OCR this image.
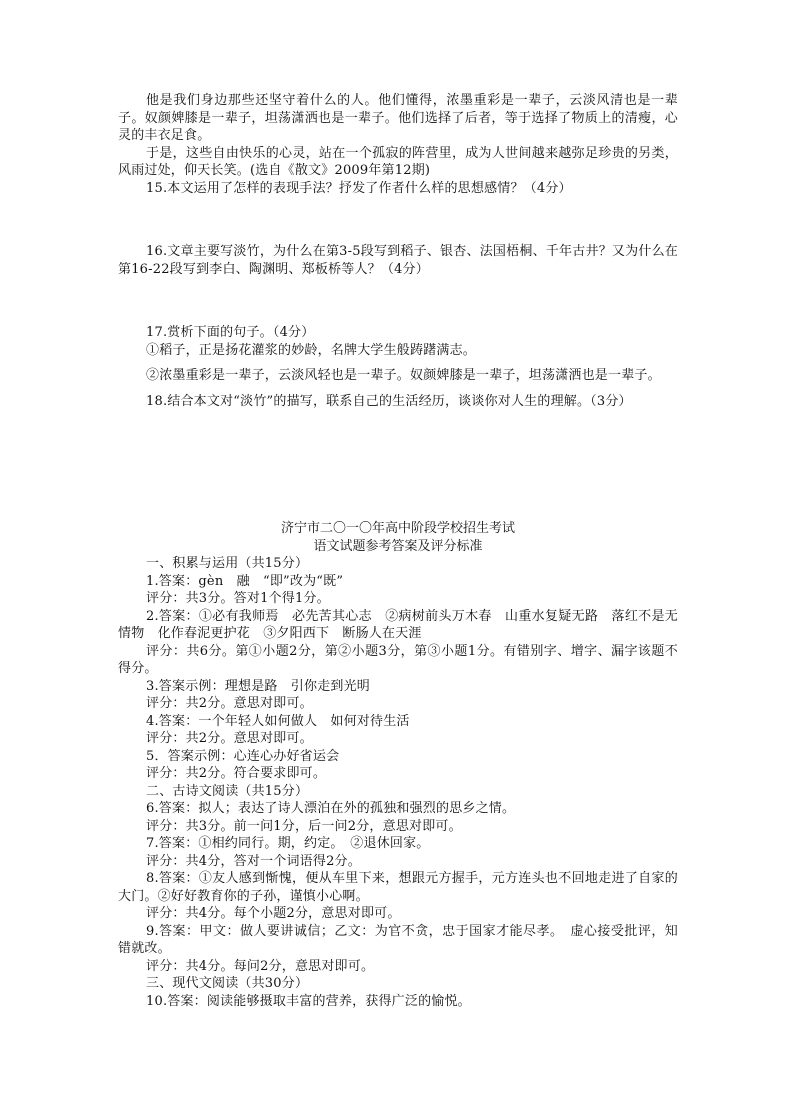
他是我们身边那些还坚守着什么的人。他们懂得，浓墨重彩是一辈子，云淡风清也是一辈子。奴颜婢膝是一辈子，坦荡潇洒也是一辈子。他们选择了后者，等于选择了物质上的清瘦，心灵的丰衣足食。

于是，这些自由快乐的心灵，站在一个孤寂的阵营里，成为人世间越来越弥足珍贵的另类，风雨过处，仰天长笑。(选自《散文》2009年第12期)

15.本文运用了怎样的表现手法？抒发了作者什么样的思想感情？（4分）

16.文章主要写淡竹，为什么在第3-5段写到稻子、银杏、法国梧桐、千年古井？又为什么在第16-22段写到李白、陶渊明、郑板桥等人？（4分）

17.赏析下面的句子。（4分）

①稻子，正是扬花灌浆的妙龄，名牌大学生般踌躇满志。

②浓墨重彩是一辈子，云淡风轻也是一辈子。奴颜婢膝是一辈子，坦荡潇洒也是一辈子。

18.结合本文对“淡竹”的描写，联系自己的生活经历，谈谈你对人生的理解。（3分）

济宁市二〇一〇年高中阶段学校招生考试

语文试题参考答案及评分标准

一、积累与运用（共15分）

1.答案：gèn　融　“即”改为“既”

评分：共3分。答对1个得1分。

2.答案：①必有我师焉　必先苦其心志　②病树前头万木春　山重水复疑无路　落红不是无情物　化作春泥更护花　③夕阳西下　断肠人在天涯

评分：共6分。第①小题2分，第②小题3分，第③小题1分。有错别字、增字、漏字该题不得分。

3.答案示例：理想是路　引你走到光明

评分：共2分。意思对即可。

4.答案：一个年轻人如何做人　如何对待生活

评分：共2分。意思对即可。

5．答案示例：心连心办好省运会

评分：共2分。符合要求即可。

二、古诗文阅读（共15分）

6.答案：拟人；表达了诗人漂泊在外的孤独和强烈的思乡之情。

评分：共3分。前一问1分，后一问2分，意思对即可。

7.答案：①相约同行。期，约定。　②退休回家。

评分：共4分，答对一个词语得2分。

8.答案：①友人感到惭愧，便从车里下来，想跟元方握手，元方连头也不回地走进了自家的大门。②好好教育你的子孙，谨慎小心啊。

评分：共4分。每个小题2分，意思对即可。

9.答案：甲文：做人要讲诚信；乙文：为官不贪，忠于国家才能尽孝。　虚心接受批评，知错就改。

评分：共4分。每问2分，意思对即可。

三、现代文阅读（共30分）

10.答案：阅读能够摄取丰富的营养，获得广泛的愉悦。
